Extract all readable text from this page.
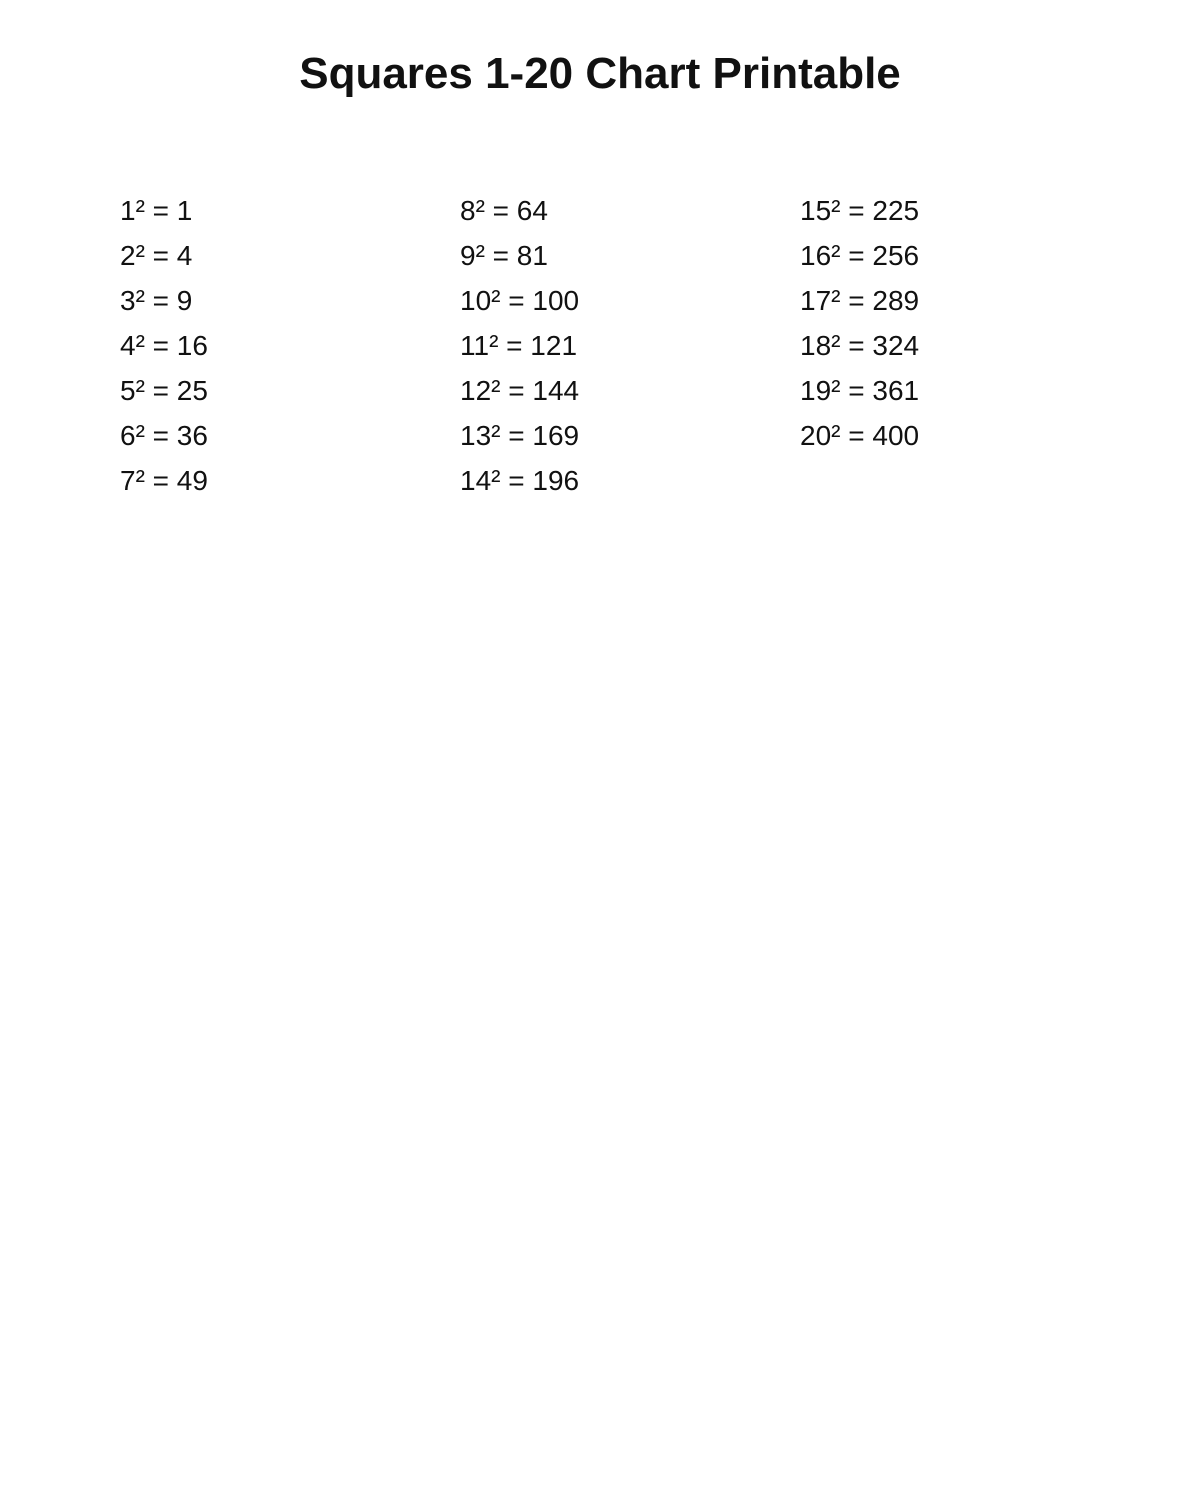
Squares 1-20 Chart Printable
1² = 1
2² = 4
3² = 9
4² = 16
5² = 25
6² = 36
7² = 49
8² = 64
9² = 81
10² = 100
11² = 121
12² = 144
13² = 169
14² = 196
15² = 225
16² = 256
17² = 289
18² = 324
19² = 361
20² = 400
